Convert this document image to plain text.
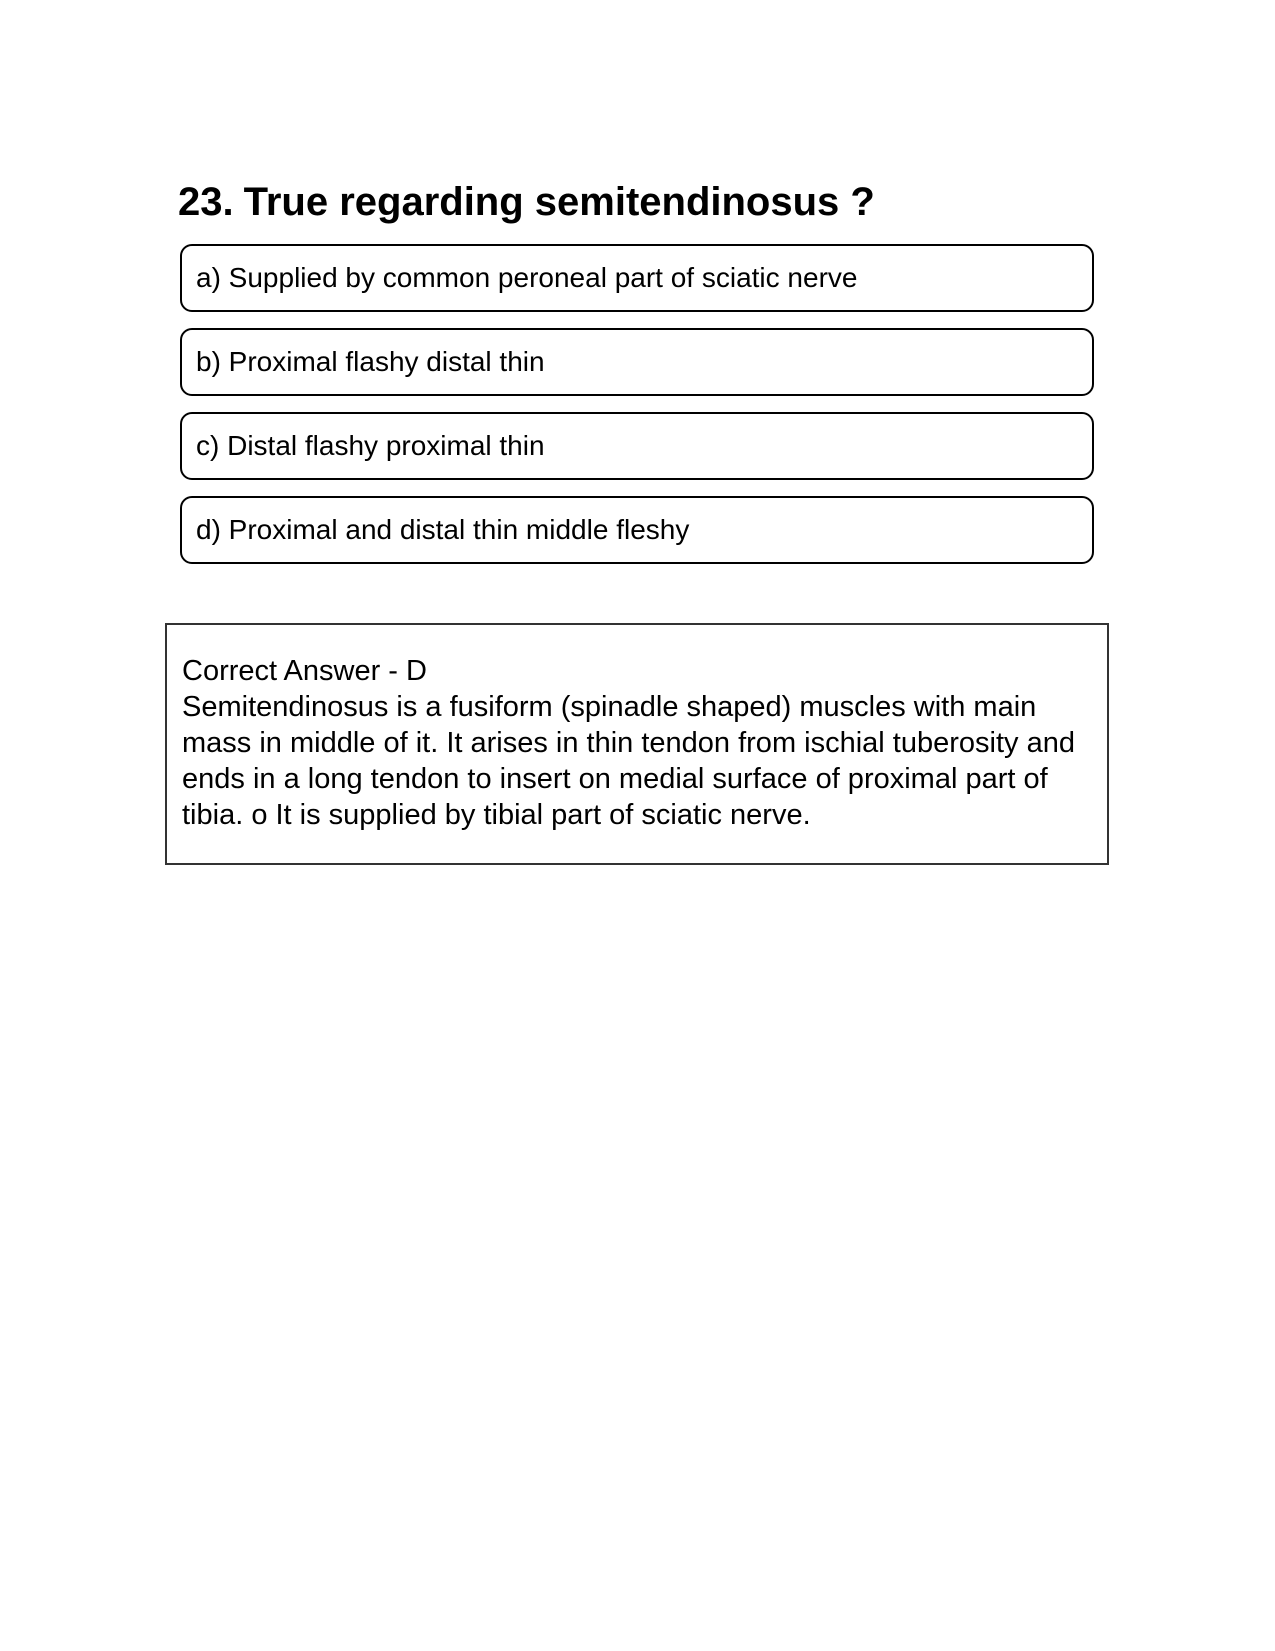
23. True regarding semitendinosus ?
a) Supplied by common peroneal part of sciatic nerve
b) Proximal flashy distal thin
c) Distal flashy proximal thin
d) Proximal and distal thin middle fleshy

Correct Answer - D

Semitendinosus is a fusiform (spinadle shaped) muscles with main mass in middle of it. It arises in thin tendon from ischial tuberosity and ends in a long tendon to insert on medial surface of proximal part of tibia. o It is supplied by tibial part of sciatic nerve.
